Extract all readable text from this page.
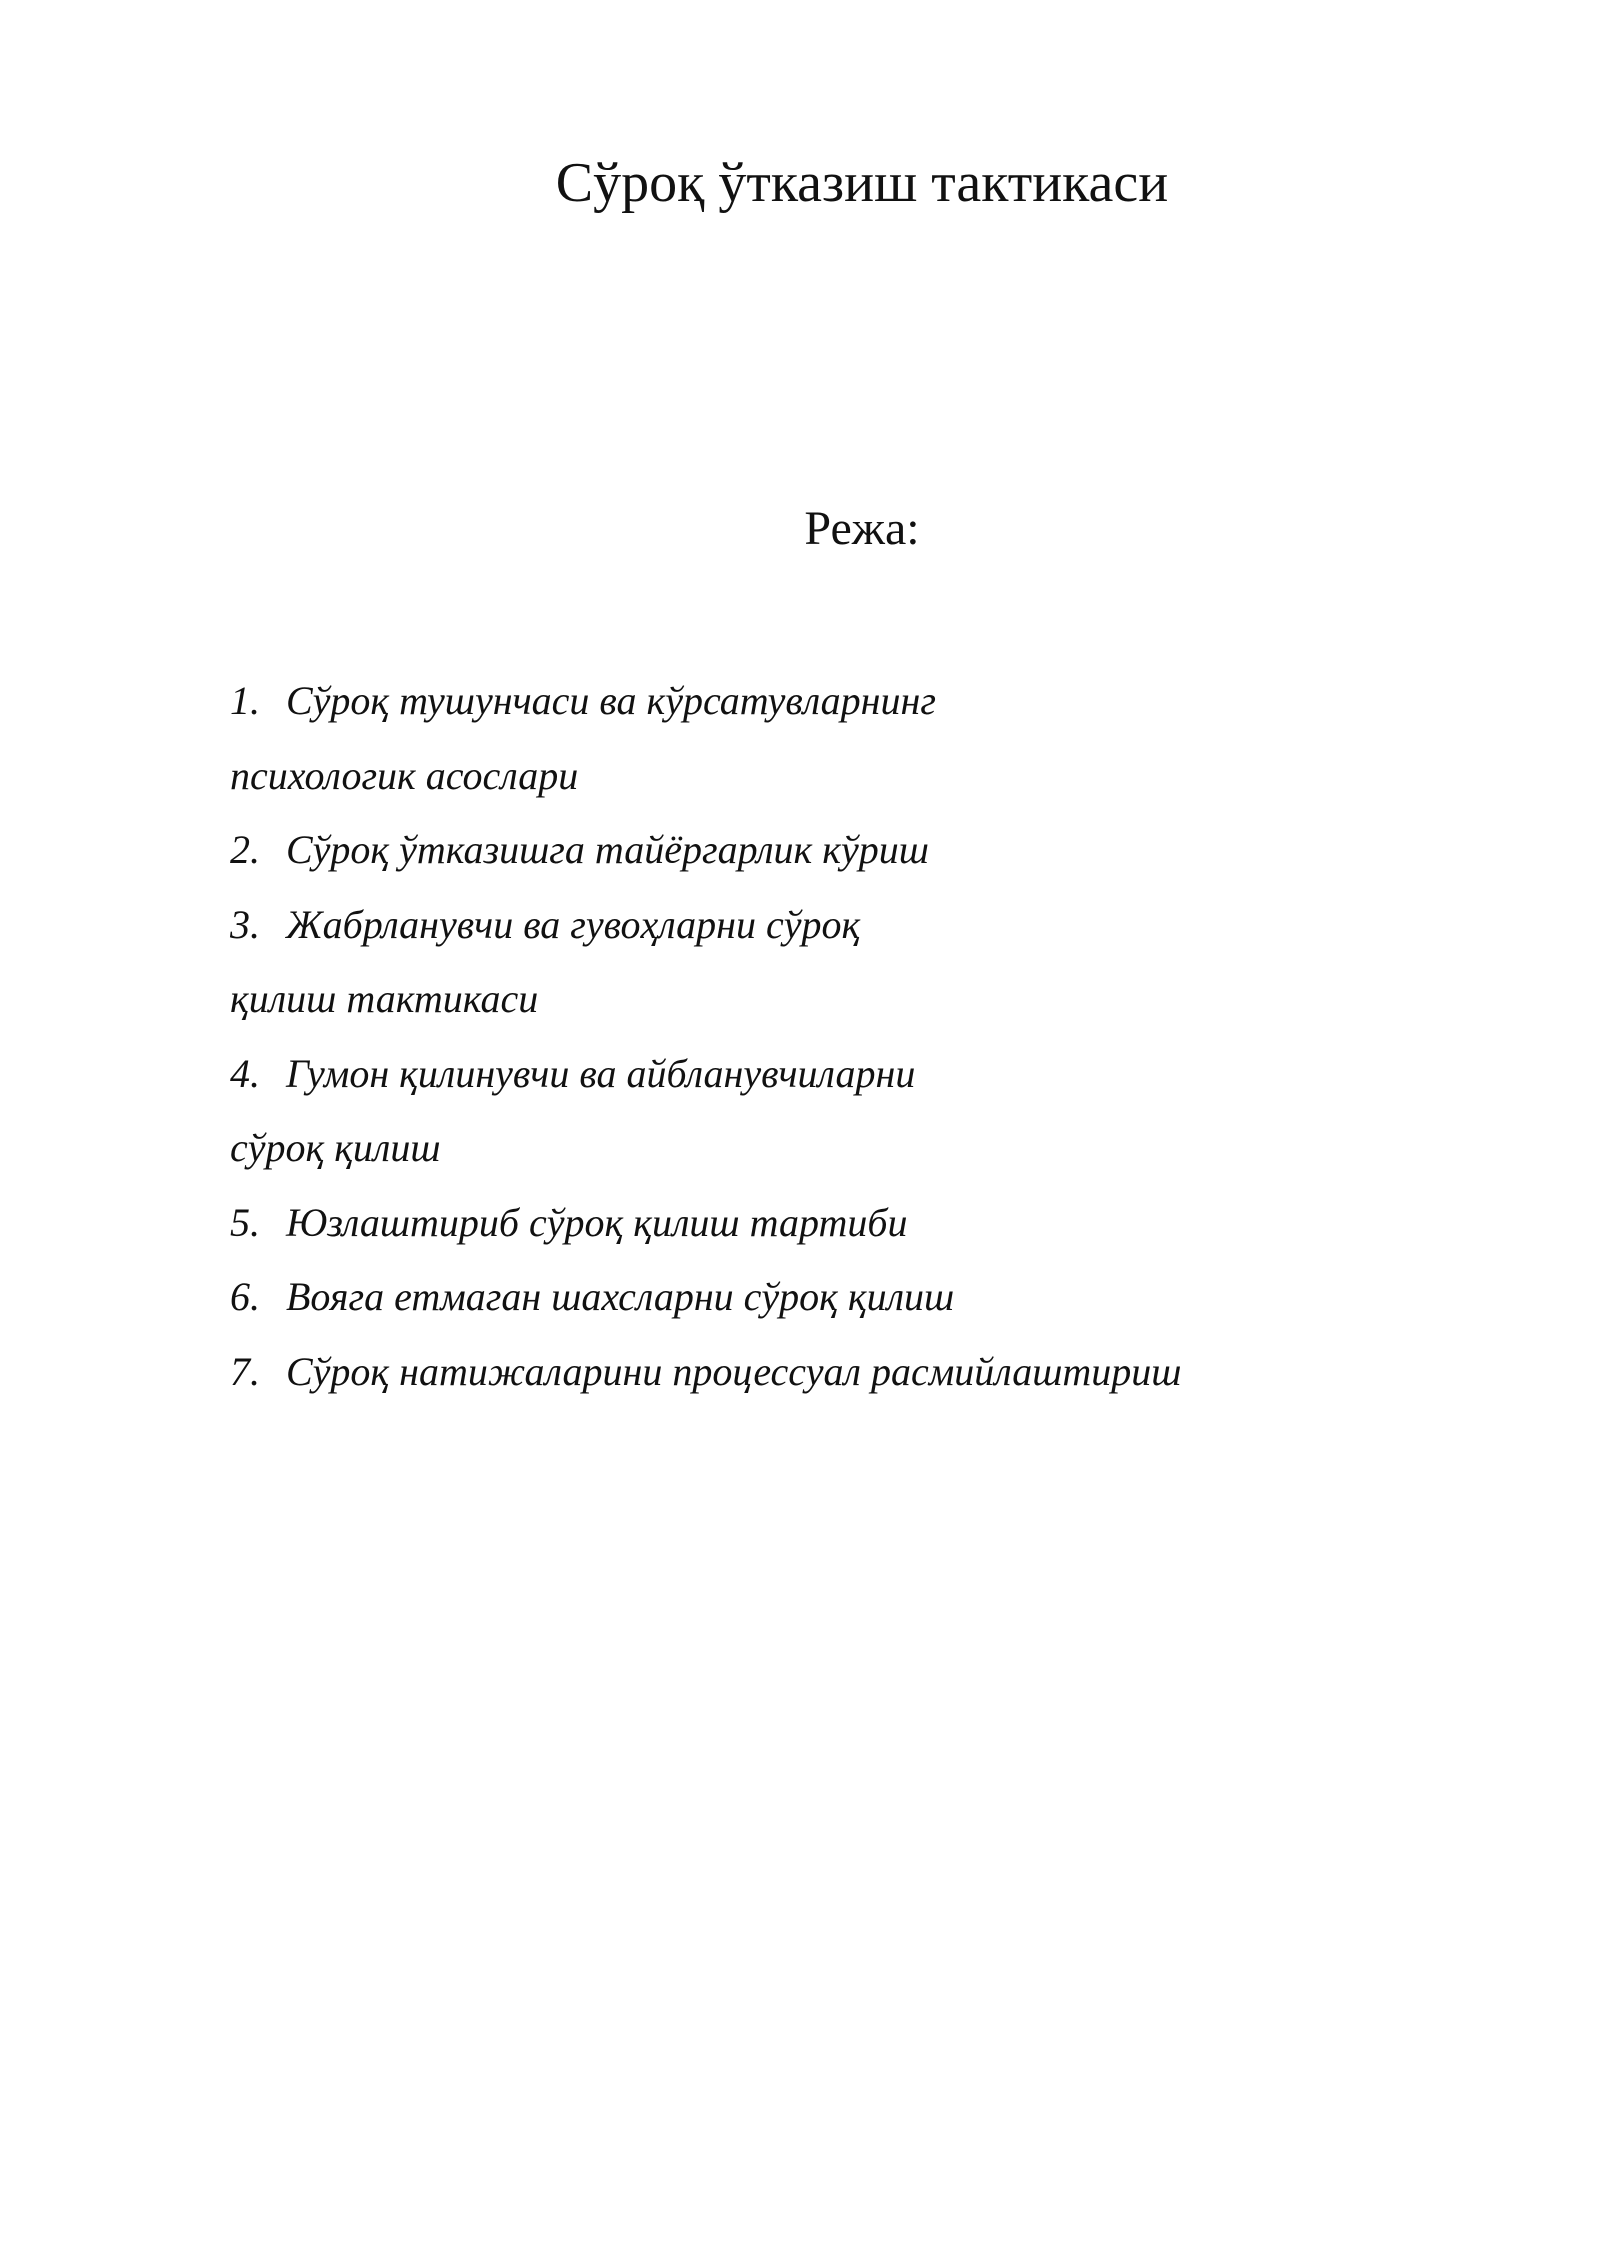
Сўроқ ўтказиш тактикаси
Режа:
1. Сўроқ тушунчаси ва кўрсатувларнинг
психологик асослари
2. Сўроқ ўтказишга тайёргарлик кўриш
3. Жабрланувчи ва гувоҳларни сўроқ
қилиш тактикаси
4. Гумон қилинувчи ва айбланувчиларни
сўроқ қилиш
5. Юзлаштириб сўроқ қилиш тартиби
6. Вояга етмаган шахсларни сўроқ қилиш
7. Сўроқ натижаларини процессуал расмийлаштириш
